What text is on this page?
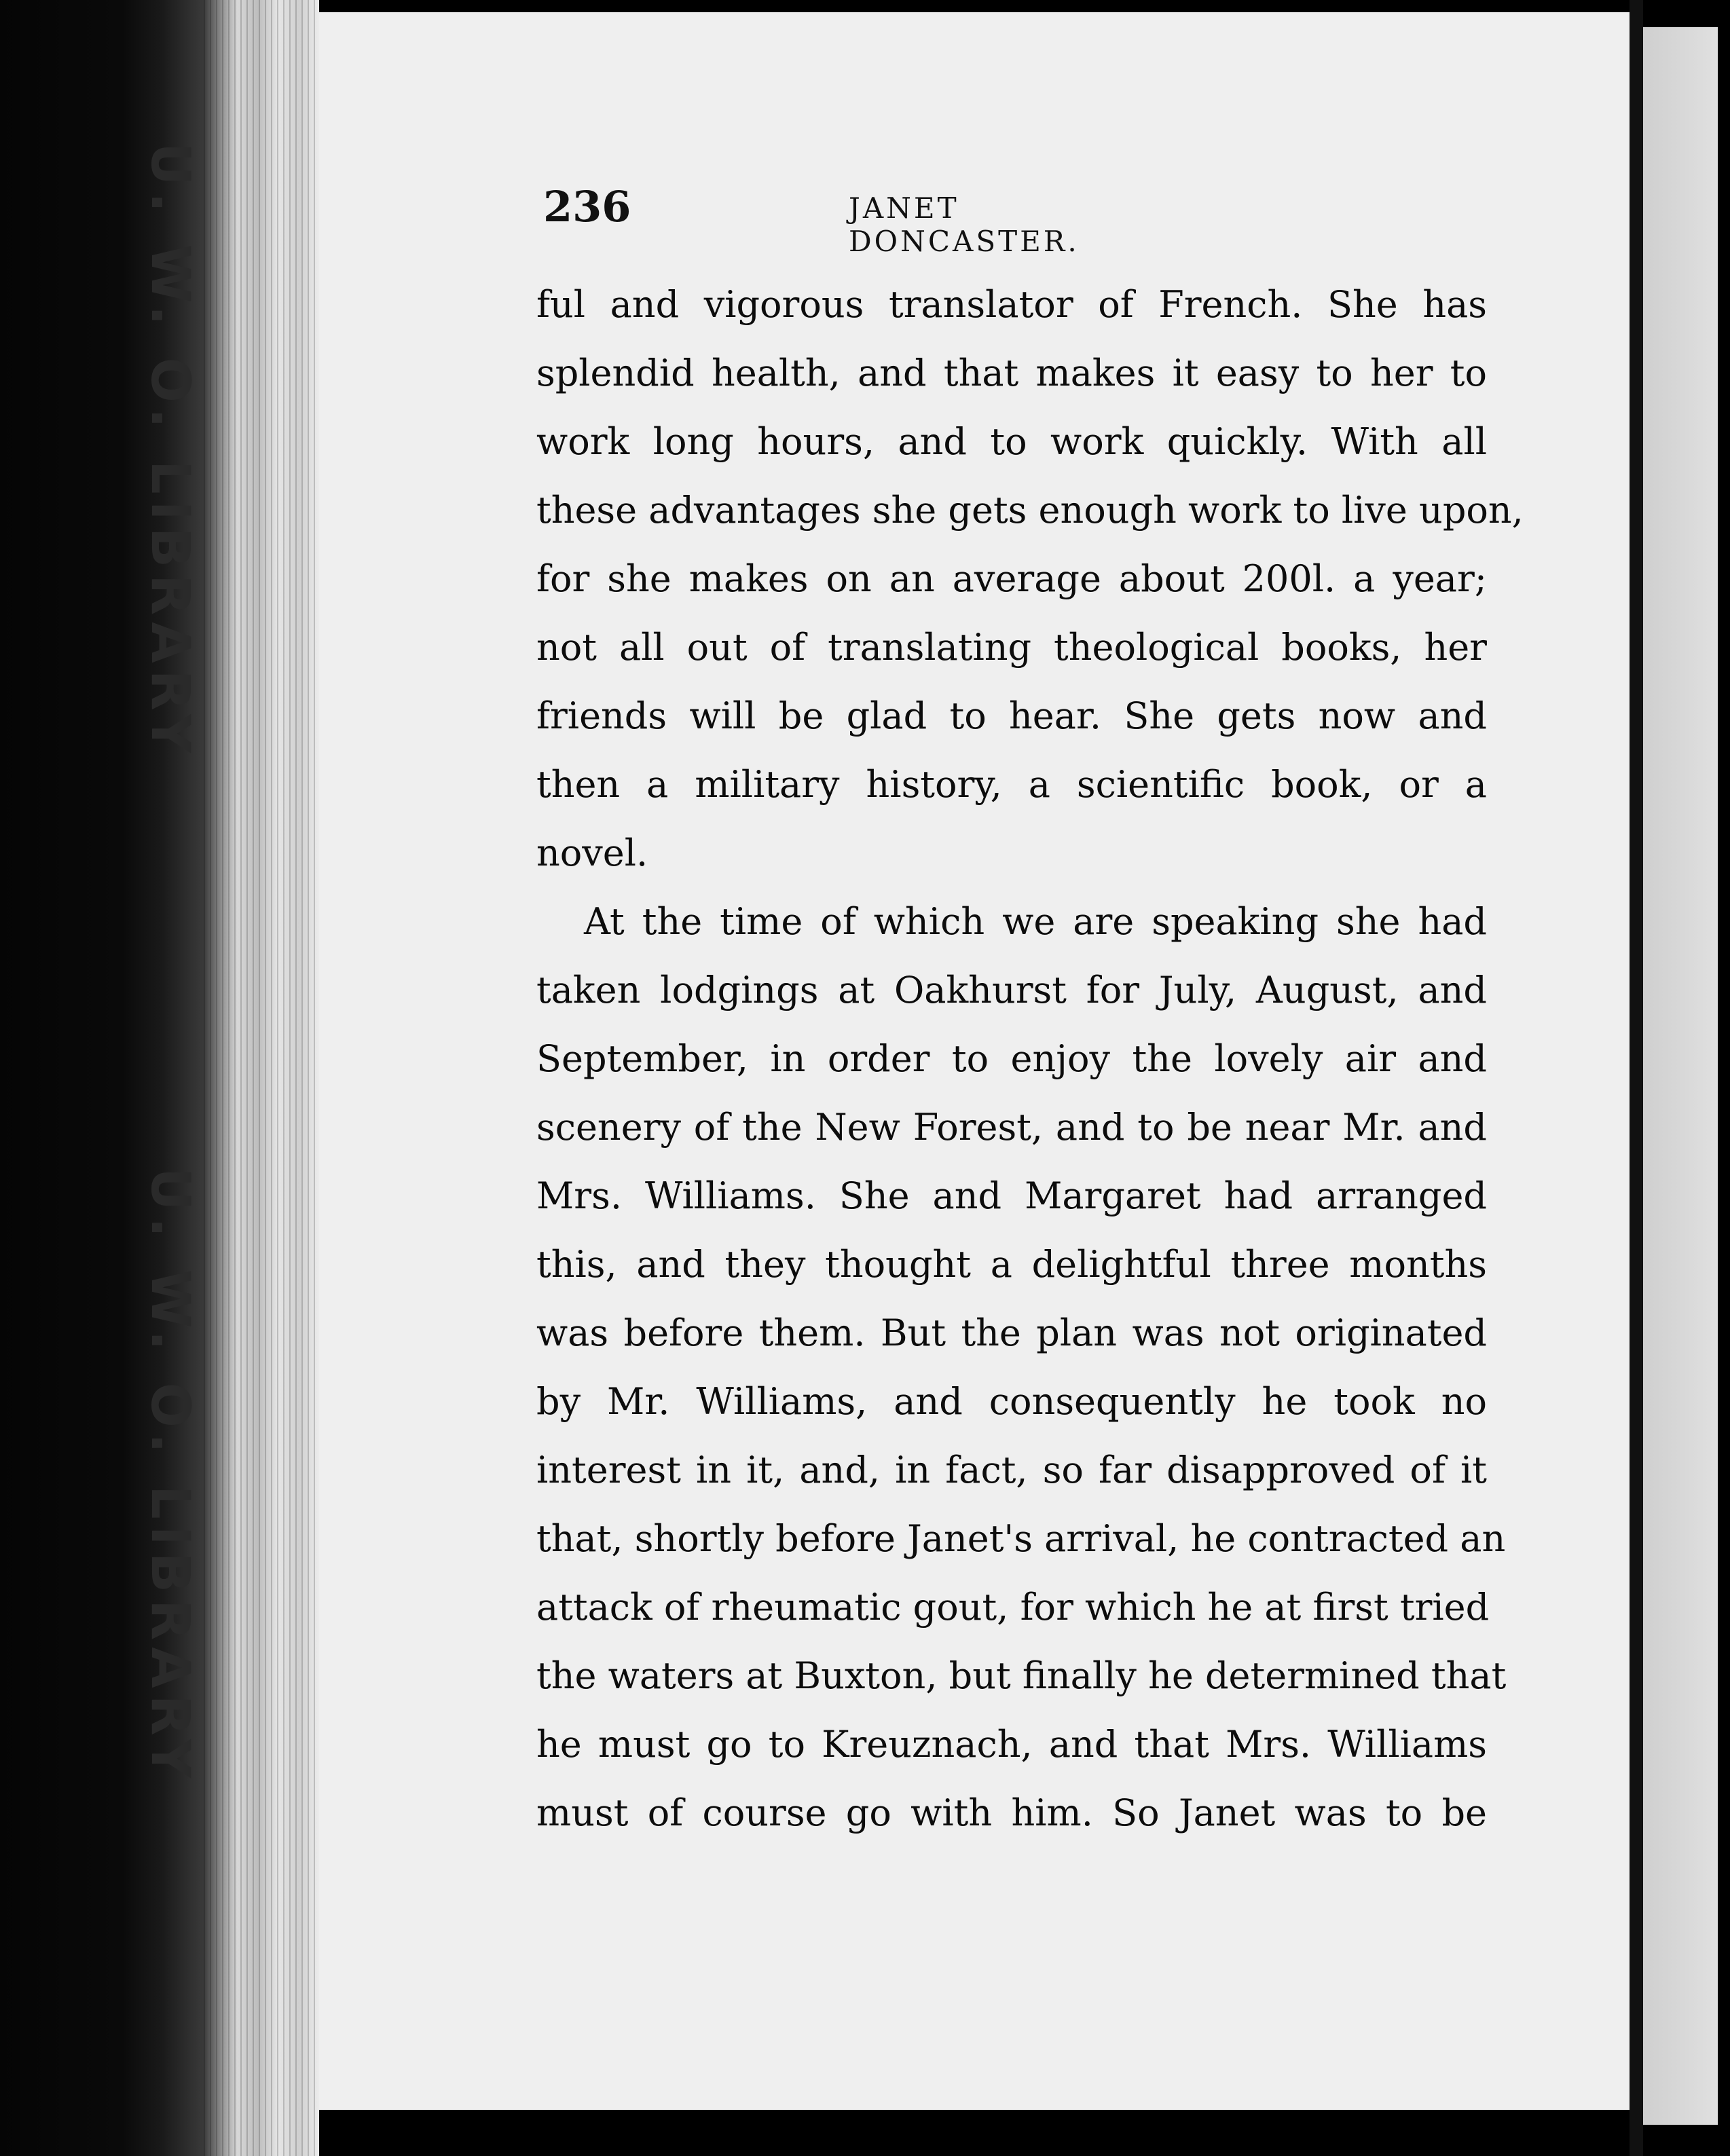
U. W. O. LIBRARY
U. W. O. LIBRARY
236	JANET DONCASTER.
ful and vigorous translator of French. She has
splendid health, and that makes it easy to her to
work long hours, and to work quickly. With all
these advantages she gets enough work to live upon,
for she makes on an average about 200l. a year;
not all out of translating theological books, her
friends will be glad to hear. She gets now and
then a military history, a scientific book, or a
novel.
At the time of which we are speaking she had
taken lodgings at Oakhurst for July, August, and
September, in order to enjoy the lovely air and
scenery of the New Forest, and to be near Mr. and
Mrs. Williams. She and Margaret had arranged
this, and they thought a delightful three months
was before them. But the plan was not originated
by Mr. Williams, and consequently he took no
interest in it, and, in fact, so far disapproved of it
that, shortly before Janet's arrival, he contracted an
attack of rheumatic gout, for which he at first tried
the waters at Buxton, but finally he determined that
he must go to Kreuznach, and that Mrs. Williams
must of course go with him. So Janet was to be
